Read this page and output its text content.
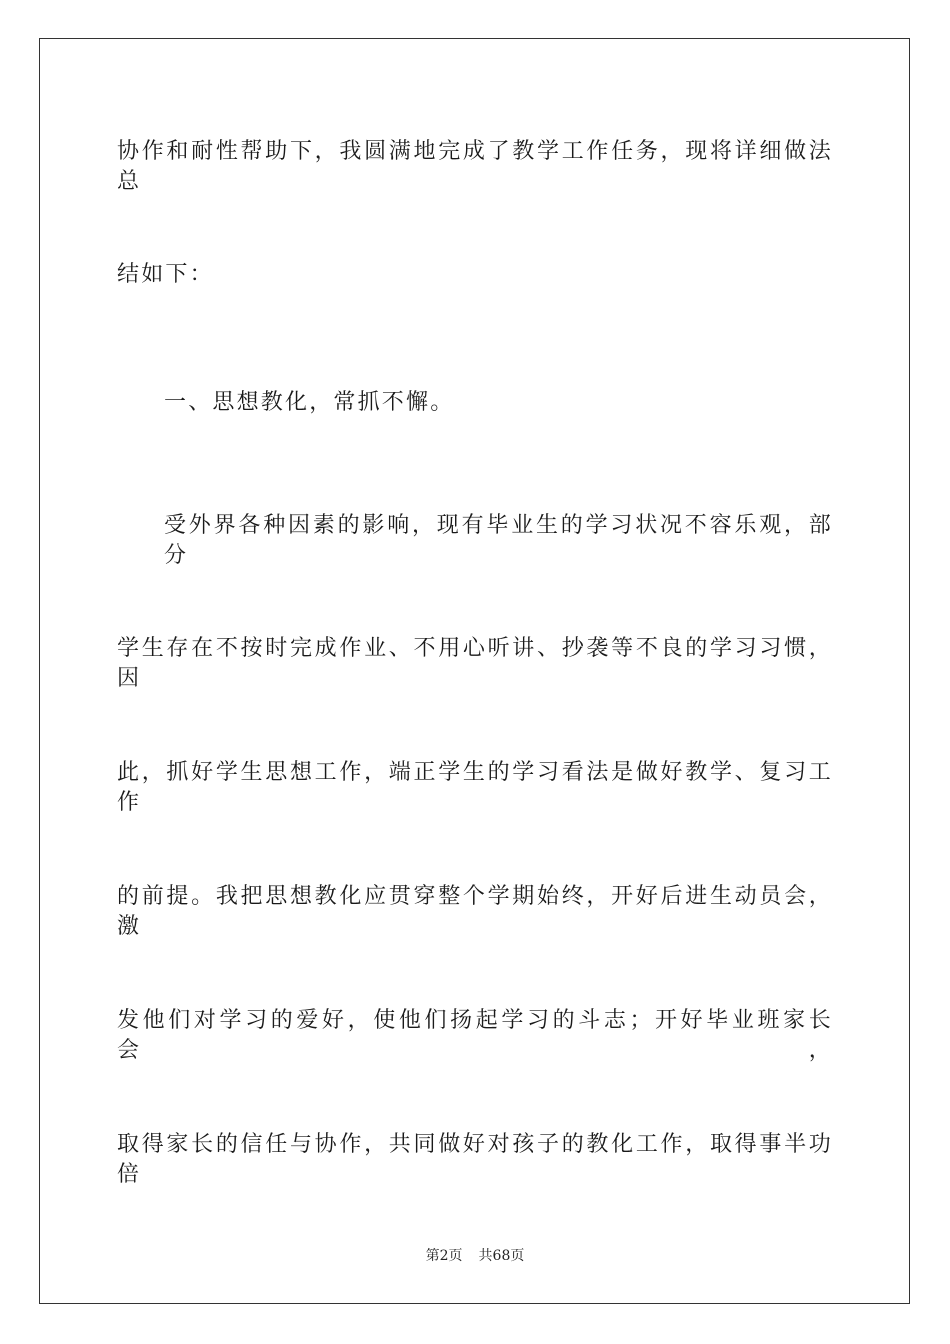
协作和耐性帮助下，我圆满地完成了教学工作任务，现将详细做法总
结如下：
一、思想教化，常抓不懈。
受外界各种因素的影响，现有毕业生的学习状况不容乐观，部分
学生存在不按时完成作业、不用心听讲、抄袭等不良的学习习惯，因
此，抓好学生思想工作，端正学生的学习看法是做好教学、复习工作
的前提。我把思想教化应贯穿整个学期始终，开好后进生动员会，激
发他们对学习的爱好，使他们扬起学习的斗志；开好毕业班家长会，
取得家长的信任与协作，共同做好对孩子的教化工作，取得事半功倍
第2页 共68页
